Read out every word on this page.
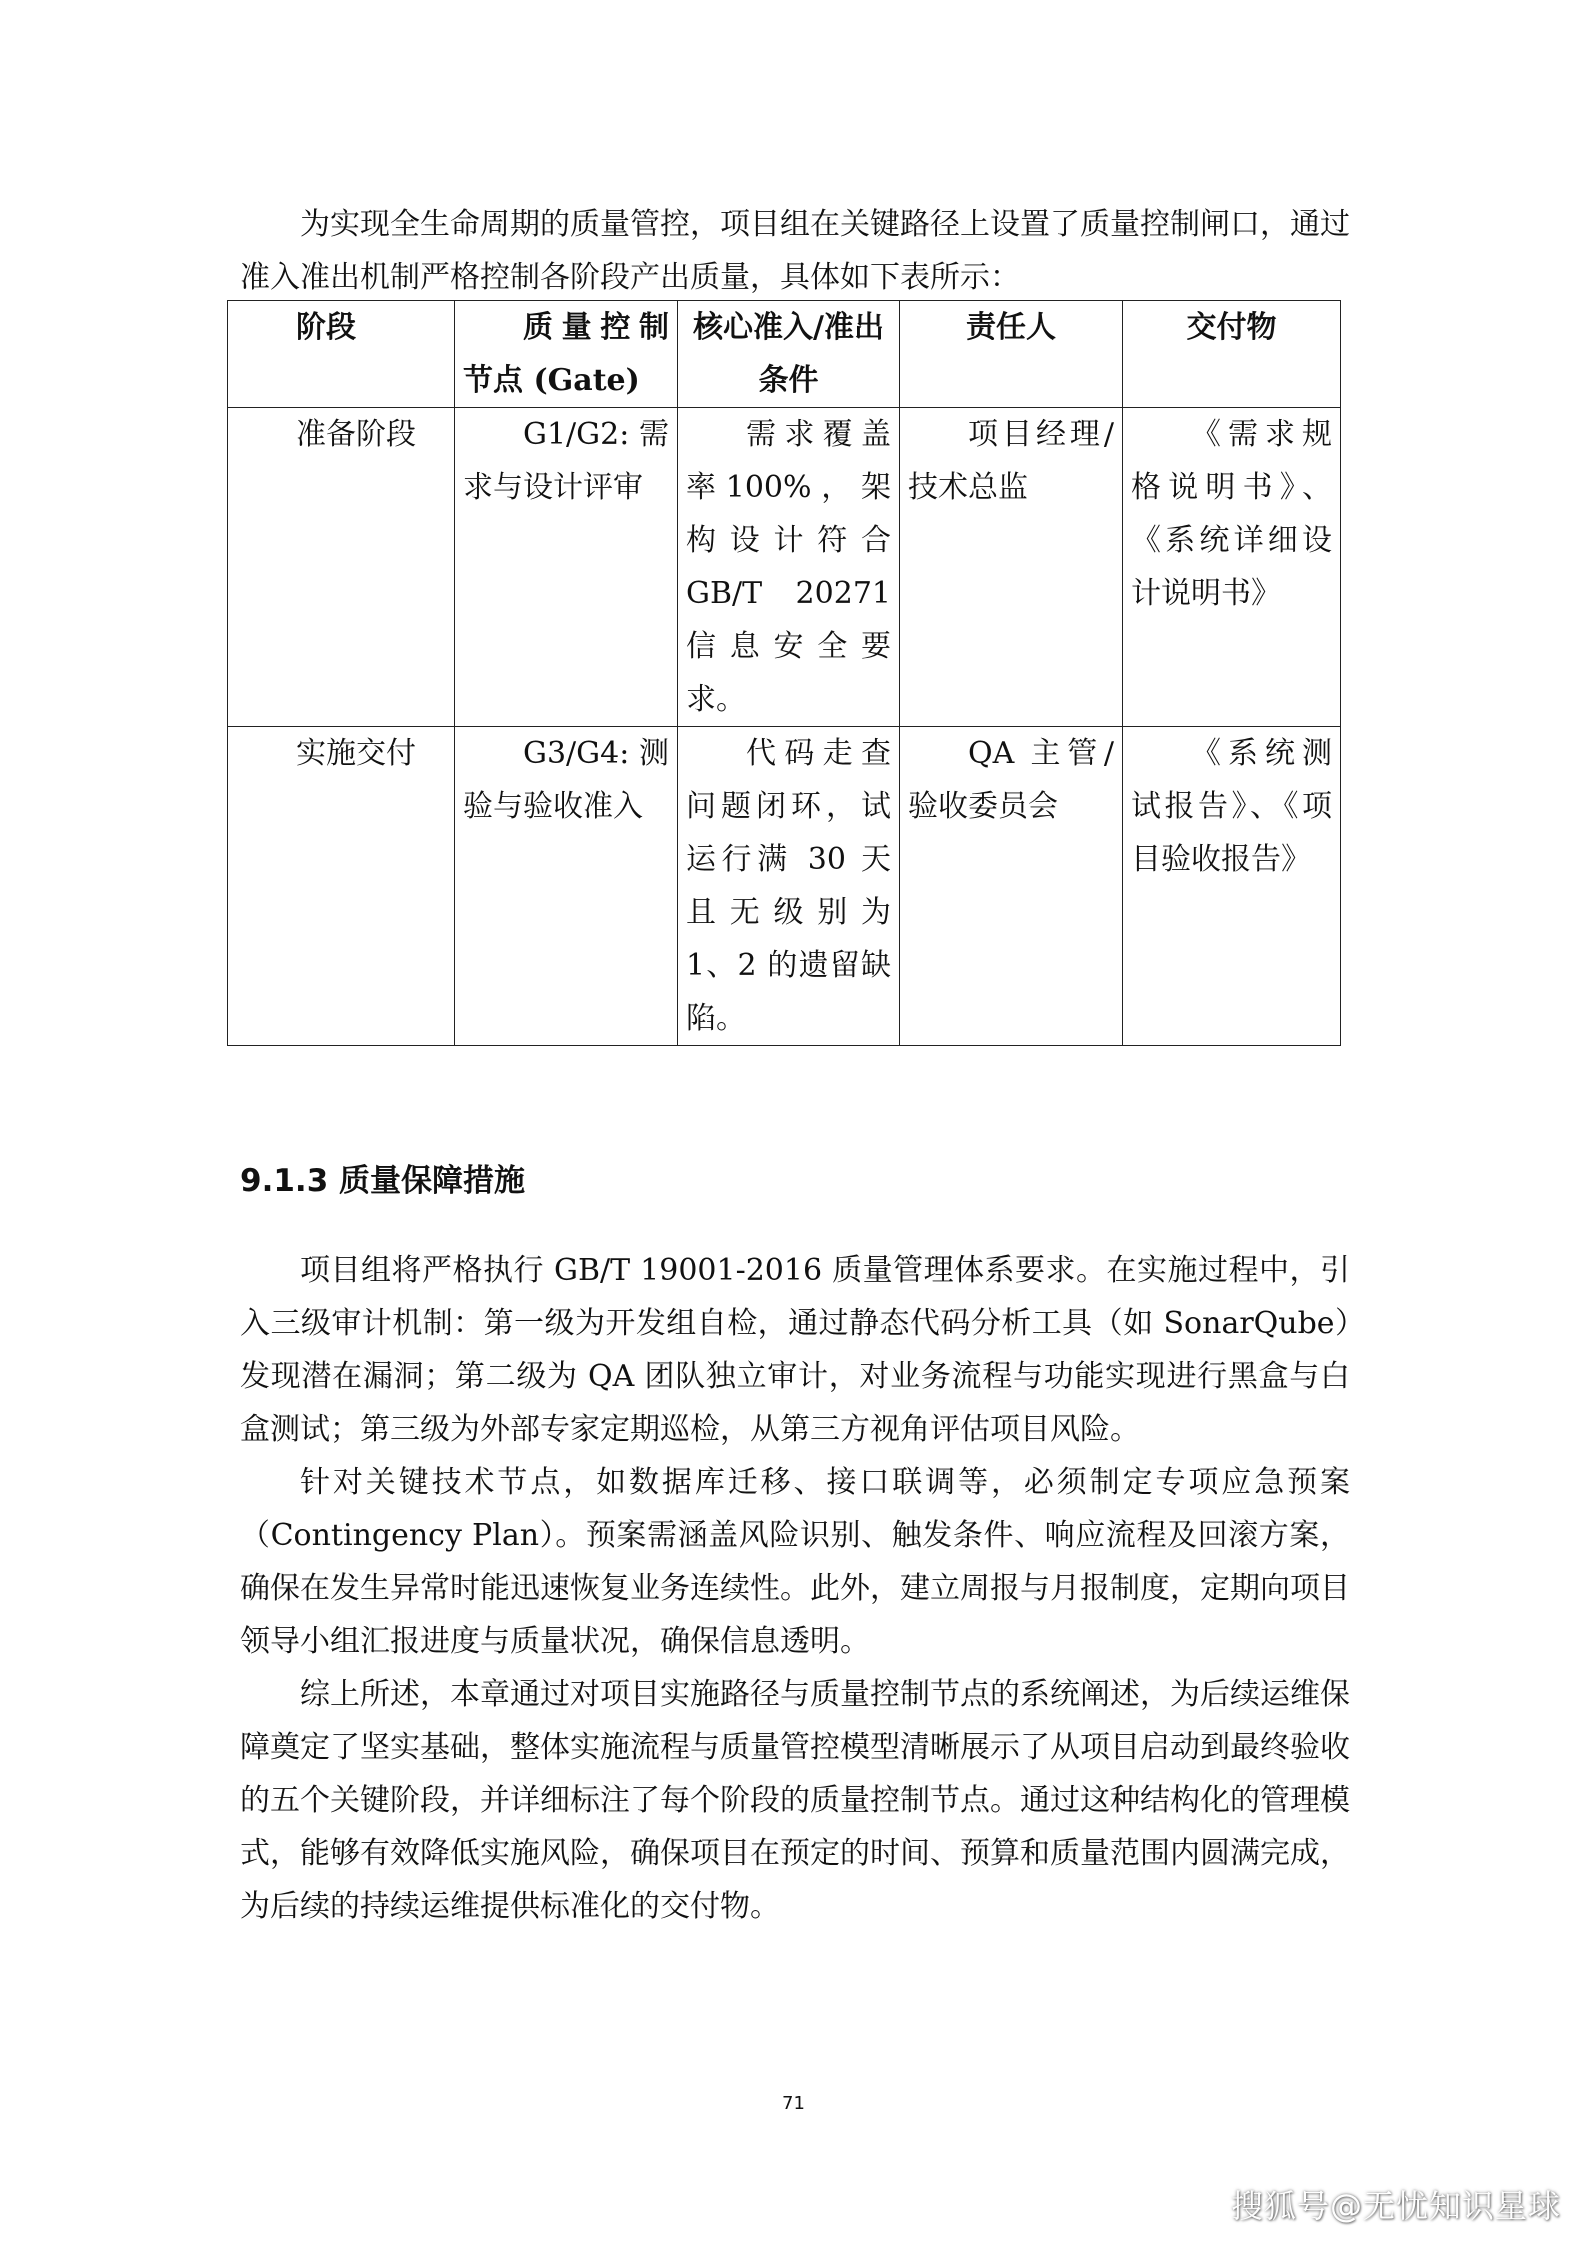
为实现全生命周期的质量管控，项目组在关键路径上设置了质量控制闸口，通过准入准出机制严格控制各阶段产出质量，具体如下表所示：

阶段	质量控制节点 (Gate)	核心准入/准出条件	责任人	交付物
准备阶段	G1/G2: 需求与设计评审	需求覆盖率100%，架构设计符合GB/T 20271信息安全要求。	项目经理/技术总监	《需求规格说明书》、《系统详细设计说明书》
实施交付	G3/G4: 测验与验收准入	代码走查问题闭环，试运行满 30 天且无级别为 1、2 的遗留缺陷。	QA 主管/验收委员会	《系统测试报告》、《项目验收报告》
9.1.3 质量保障措施

项目组将严格执行 GB/T 19001-2016 质量管理体系要求。在实施过程中，引入三级审计机制：第一级为开发组自检，通过静态代码分析工具（如 SonarQube）发现潜在漏洞；第二级为 QA 团队独立审计，对业务流程与功能实现进行黑盒与白盒测试；第三级为外部专家定期巡检，从第三方视角评估项目风险。

针对关键技术节点，如数据库迁移、接口联调等，必须制定专项应急预案（Contingency Plan）。预案需涵盖风险识别、触发条件、响应流程及回滚方案，确保在发生异常时能迅速恢复业务连续性。此外，建立周报与月报制度，定期向项目领导小组汇报进度与质量状况，确保信息透明。

综上所述，本章通过对项目实施路径与质量控制节点的系统阐述，为后续运维保障奠定了坚实基础，整体实施流程与质量管控模型清晰展示了从项目启动到最终验收的五个关键阶段，并详细标注了每个阶段的质量控制节点。通过这种结构化的管理模式，能够有效降低实施风险，确保项目在预定的时间、预算和质量范围内圆满完成，为后续的持续运维提供标准化的交付物。

71
搜狐号@无忧知识星球
